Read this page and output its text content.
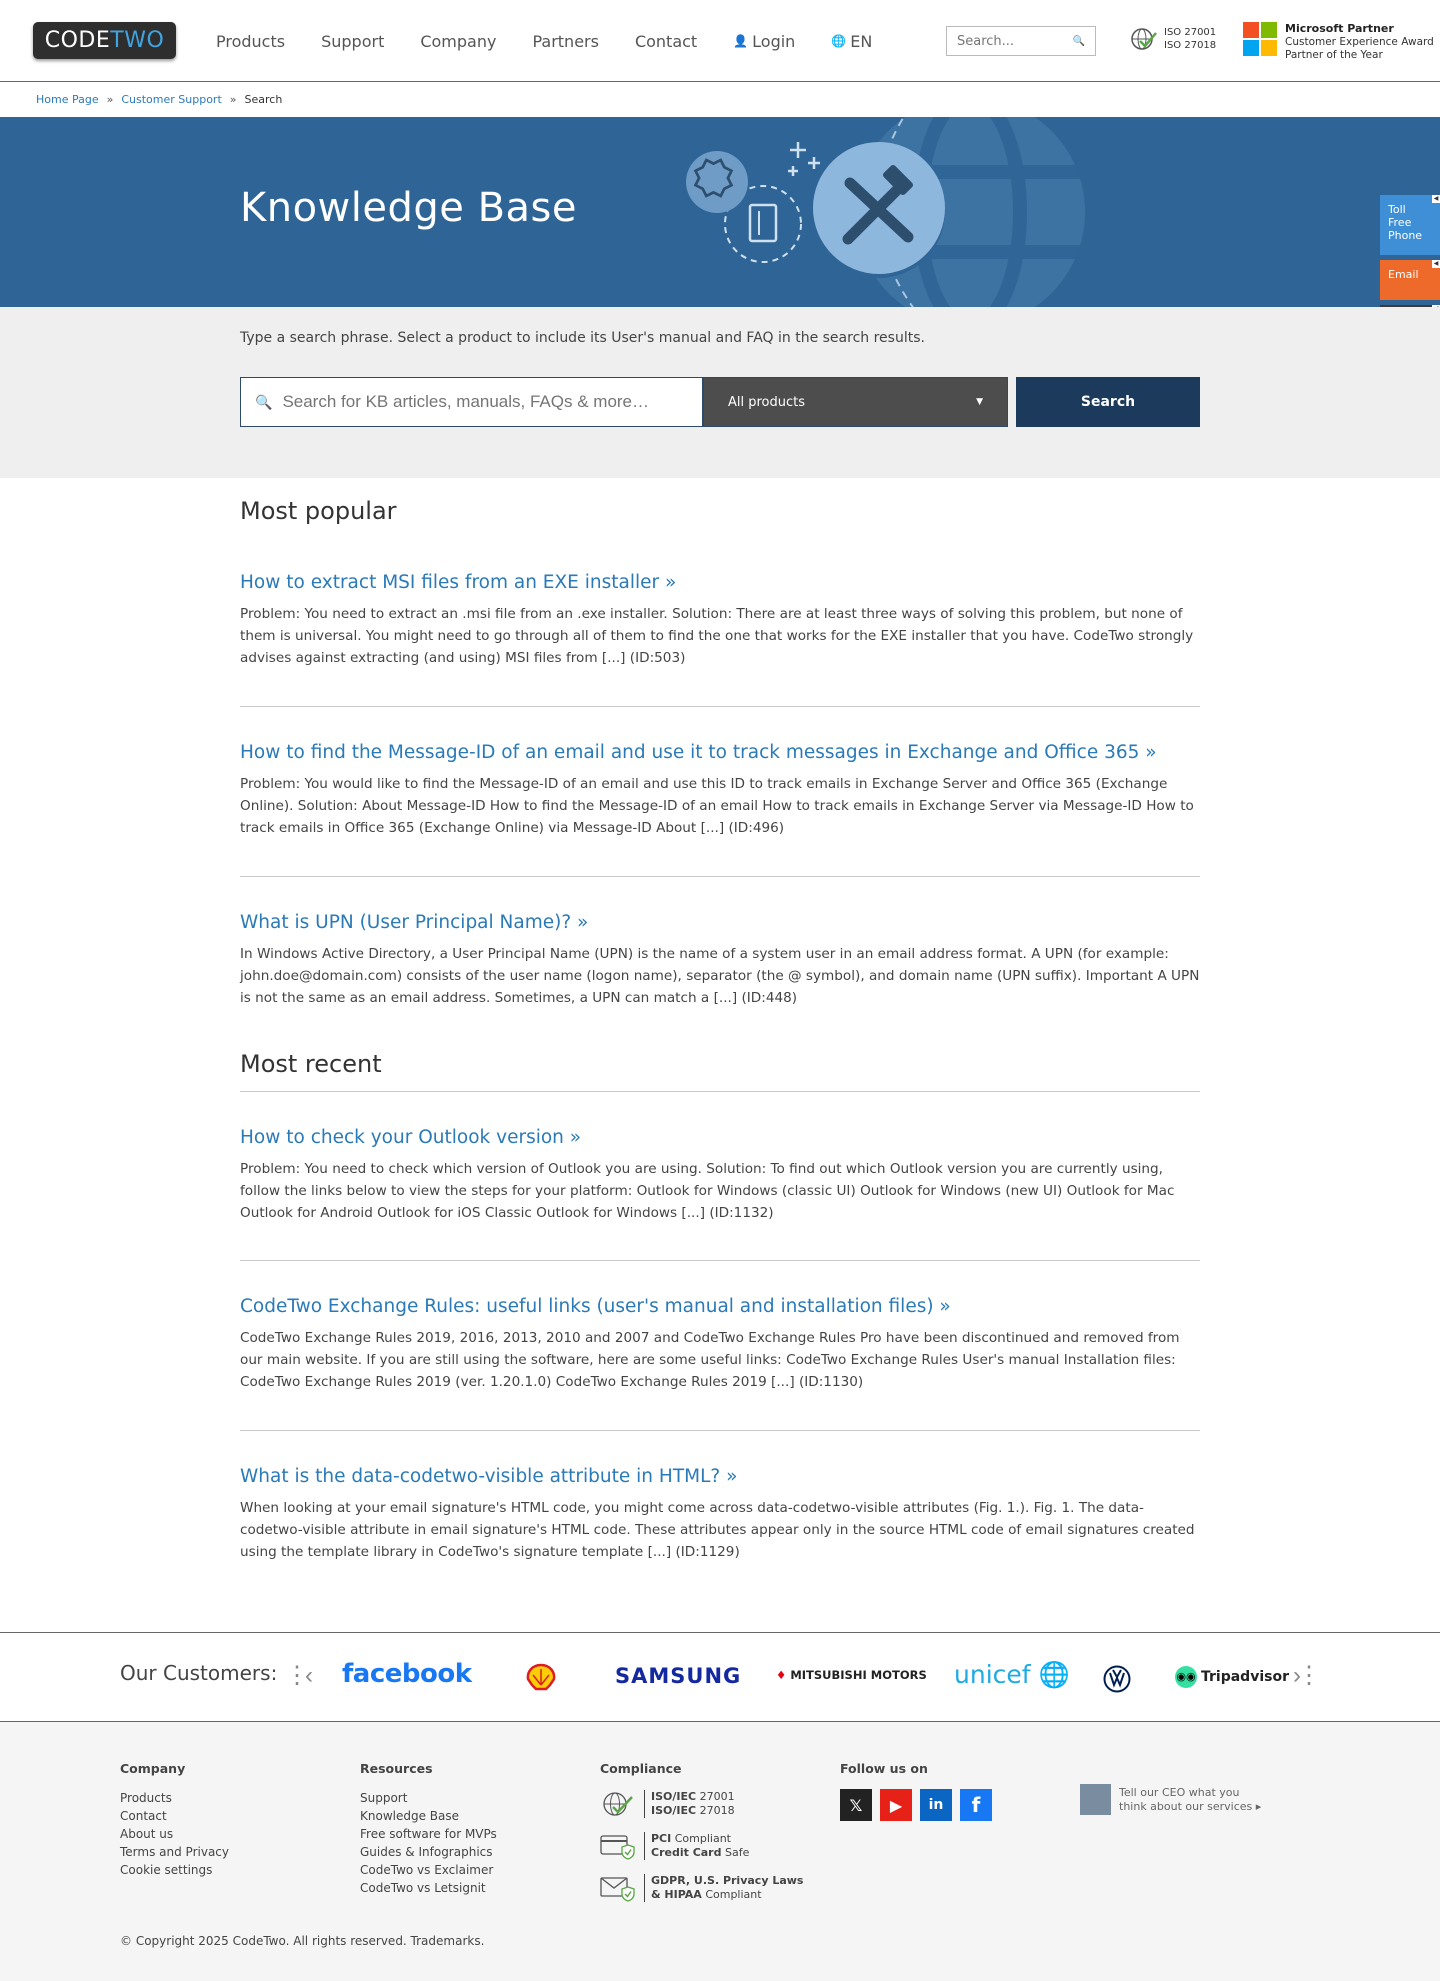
CODE TWO	Products Support Company Partners Contact	👤 Login	🌐 EN
Search...	🔍
ISO 27001
ISO 27018
Microsoft Partner
Customer Experience Award
Partner of the Year
Home Page » Customer Support » Search
Knowledge Base	◀
Toll Free Phone
◀
Email
Type a search phrase. Select a product to include its User's manual and FAQ in the search results.
🔍
Search for KB articles, manuals, FAQs & more…	All products	▼	Search
Most popular
How to extract MSI files from an EXE installer »
Problem: You need to extract an .msi file from an .exe installer. Solution: There are at least three ways of solving this problem, but none of them is universal. You might need to go through all of them to find the one that works for the EXE installer that you have. CodeTwo strongly advises against extracting (and using) MSI files from [...] (ID:503)
How to find the Message-ID of an email and use it to track messages in Exchange and Office 365 »
Problem: You would like to find the Message-ID of an email and use this ID to track emails in Exchange Server and Office 365 (Exchange Online). Solution: About Message-ID How to find the Message-ID of an email How to track emails in Exchange Server via Message-ID How to track emails in Office 365 (Exchange Online) via Message-ID About [...] (ID:496)
What is UPN (User Principal Name)? »
In Windows Active Directory, a User Principal Name (UPN) is the name of a system user in an email address format. A UPN (for example: john.doe@domain.com) consists of the user name (logon name), separator (the @ symbol), and domain name (UPN suffix). Important A UPN is not the same as an email address. Sometimes, a UPN can match a [...] (ID:448)
Most recent
How to check your Outlook version »
Problem: You need to check which version of Outlook you are using. Solution: To find out which Outlook version you are currently using, follow the links below to view the steps for your platform: Outlook for Windows (classic UI) Outlook for Windows (new UI) Outlook for Mac Outlook for Android Outlook for iOS Classic Outlook for Windows [...] (ID:1132)
CodeTwo Exchange Rules: useful links (user's manual and installation files) »
CodeTwo Exchange Rules 2019, 2016, 2013, 2010 and 2007 and CodeTwo Exchange Rules Pro have been discontinued and removed from our main website. If you are still using the software, here are some useful links: CodeTwo Exchange Rules User's manual Installation files: CodeTwo Exchange Rules 2019 (ver. 1.20.1.0) CodeTwo Exchange Rules 2019 [...] (ID:1130)
What is the data-codetwo-visible attribute in HTML? »
When looking at your email signature's HTML code, you might come across data-codetwo-visible attributes (Fig. 1.). Fig. 1. The data-codetwo-visible attribute in email signature's HTML code. These attributes appear only in the source HTML code of email signatures created using the template library in CodeTwo's signature template [...] (ID:1129)
Our Customers: ⋮‹ facebook	SAMSUNG	♦ MITSUBISHI MOTORS unicef 🌐	◉◉ Tripadvisor ›⋮
Company
Products
Contact
About us
Terms and Privacy
Cookie settings
Resources
Support
Knowledge Base
Free software for MVPs
Guides & Infographics
CodeTwo vs Exclaimer
CodeTwo vs Letsignit
Compliance
ISO/IEC 27001
ISO/IEC 27018
PCI Compliant
Credit Card Safe
GDPR, U.S. Privacy Laws
& HIPAA Compliant
Follow us on
𝕏	▶	in	f
Tell our CEO what you
think about our services ▸
© Copyright 2025 CodeTwo. All rights reserved. Trademarks.
